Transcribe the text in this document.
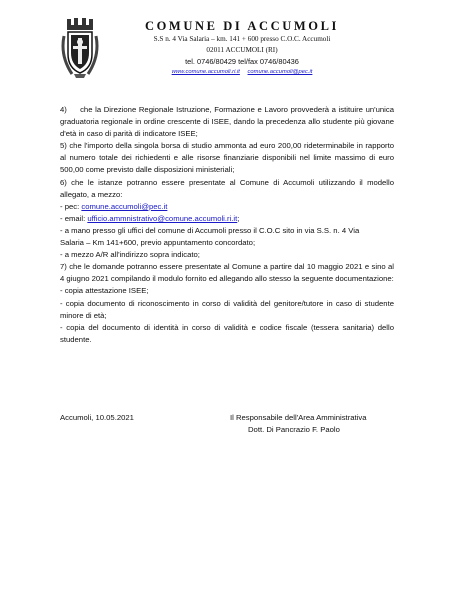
COMUNE DI ACCUMOLI
S.S n. 4 Via Salaria – km. 141 + 600 presso C.O.C. Accumoli
02011 ACCUMOLI (RI)
tel. 0746/80429 tel/fax 0746/80436
www.comune.accumoli.ri.it comune.accumoli@pec.it

4)     che la Direzione Regionale Istruzione, Formazione e Lavoro provvederà a istituire un'unica graduatoria regionale in ordine crescente di ISEE, dando la precedenza allo studente più giovane d'età in caso di parità di indicatore ISEE;

5) che l'importo della singola borsa di studio ammonta ad euro 200,00 rideterminabile in rapporto al numero totale dei richiedenti e alle risorse finanziarie disponibili nel limite massimo di euro 500,00 come previsto dalle disposizioni ministeriali;

6) che le istanze potranno essere presentate al Comune di Accumoli utilizzando il modello allegato, a mezzo:

- pec: comune.accumoli@pec.it

- email: ufficio.ammnistrativo@comune.accumoli.ri.it;

- a mano presso gli uffici del comune di Accumoli presso il C.O.C sito in via S.S. n. 4 Via

Salaria – Km 141+600, previo appuntamento concordato;

- a mezzo A/R all'indirizzo sopra indicato;

7) che le domande potranno essere presentate al Comune a partire dal 10 maggio 2021 e sino al 4 giugno 2021 compilando il modulo fornito ed allegando allo stesso la seguente documentazione:

- copia attestazione ISEE;

- copia documento di riconoscimento in corso di validità del genitore/tutore in caso di studente minore di età;

- copia del documento di identità in corso di validità e codice fiscale (tessera sanitaria) dello studente.

Accumoli, 10.05.2021	Il Responsabile dell'Area Amministrativa
Dott. Di Pancrazio F. Paolo
